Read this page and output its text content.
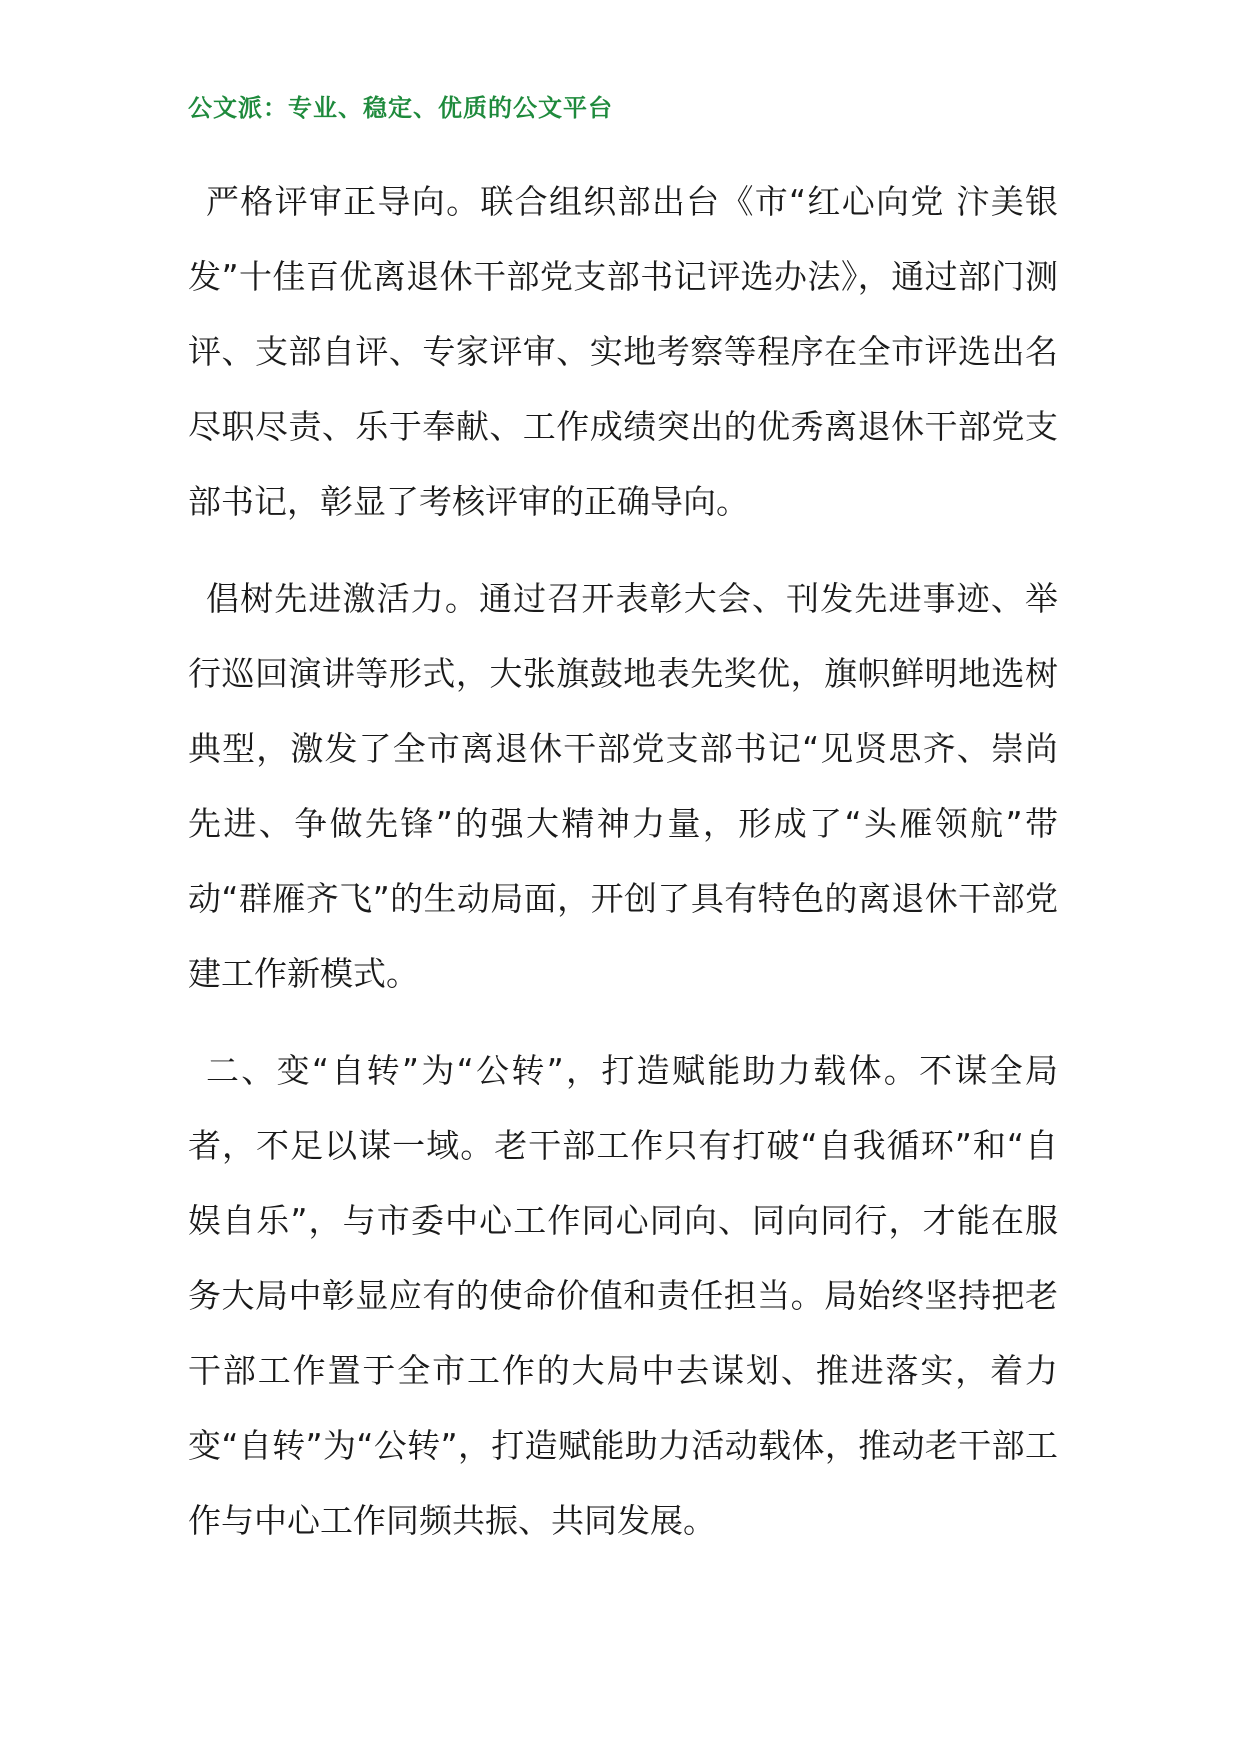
公文派：专业、稳定、优质的公文平台

严格评审正导向。联合组织部出台《市“红心向党 汴美银发”十佳百优离退休干部党支部书记评选办法》，通过部门测评、支部自评、专家评审、实地考察等程序在全市评选出名尽职尽责、乐于奉献、工作成绩突出的优秀离退休干部党支部书记，彰显了考核评审的正确导向。

倡树先进激活力。通过召开表彰大会、刊发先进事迹、举行巡回演讲等形式，大张旗鼓地表先奖优，旗帜鲜明地选树典型，激发了全市离退休干部党支部书记“见贤思齐、崇尚先进、争做先锋”的强大精神力量，形成了“头雁领航”带动“群雁齐飞”的生动局面，开创了具有特色的离退休干部党建工作新模式。

二、变“自转”为“公转”，打造赋能助力载体。不谋全局者，不足以谋一域。老干部工作只有打破“自我循环”和“自娱自乐”，与市委中心工作同心同向、同向同行，才能在服务大局中彰显应有的使命价值和责任担当。局始终坚持把老干部工作置于全市工作的大局中去谋划、推进落实，着力变“自转”为“公转”，打造赋能助力活动载体，推动老干部工作与中心工作同频共振、共同发展。
